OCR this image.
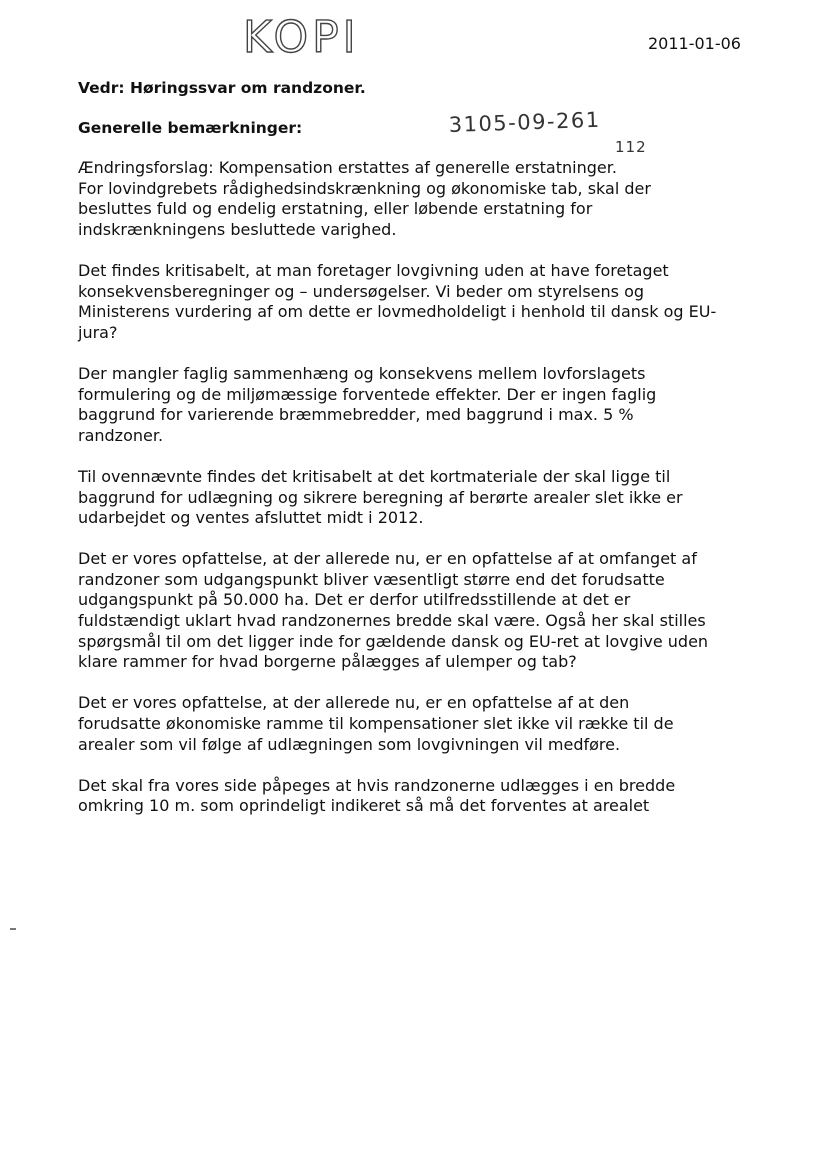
KOPI	2011-01-06
Vedr: Høringssvar om randzoner.
Generelle bemærkninger:	3105-09-261
112
Ændringsforslag: Kompensation erstattes af generelle erstatninger.
For lovindgrebets rådighedsindskrænkning og økonomiske tab, skal der
besluttes fuld og endelig erstatning, eller løbende erstatning for
indskrænkningens besluttede varighed.
Det findes kritisabelt, at man foretager lovgivning uden at have foretaget
konsekvensberegninger og – undersøgelser. Vi beder om styrelsens og
Ministerens vurdering af om dette er lovmedholdeligt i henhold til dansk og EU-
jura?
Der mangler faglig sammenhæng og konsekvens mellem lovforslagets
formulering og de miljømæssige forventede effekter. Der er ingen faglig
baggrund for varierende bræmmebredder, med baggrund i max. 5 %
randzoner.
Til ovennævnte findes det kritisabelt at det kortmateriale der skal ligge til
baggrund for udlægning og sikrere beregning af berørte arealer slet ikke er
udarbejdet og ventes afsluttet midt i 2012.
Det er vores opfattelse, at der allerede nu, er en opfattelse af at omfanget af
randzoner som udgangspunkt bliver væsentligt større end det forudsatte
udgangspunkt på 50.000 ha. Det er derfor utilfredsstillende at det er
fuldstændigt uklart hvad randzonernes bredde skal være. Også her skal stilles
spørgsmål til om det ligger inde for gældende dansk og EU-ret at lovgive uden
klare rammer for hvad borgerne pålægges af ulemper og tab?
Det er vores opfattelse, at der allerede nu, er en opfattelse af at den
forudsatte økonomiske ramme til kompensationer slet ikke vil række til de
arealer som vil følge af udlægningen som lovgivningen vil medføre.
Det skal fra vores side påpeges at hvis randzonerne udlægges i en bredde
omkring 10 m. som oprindeligt indikeret så må det forventes at arealet
